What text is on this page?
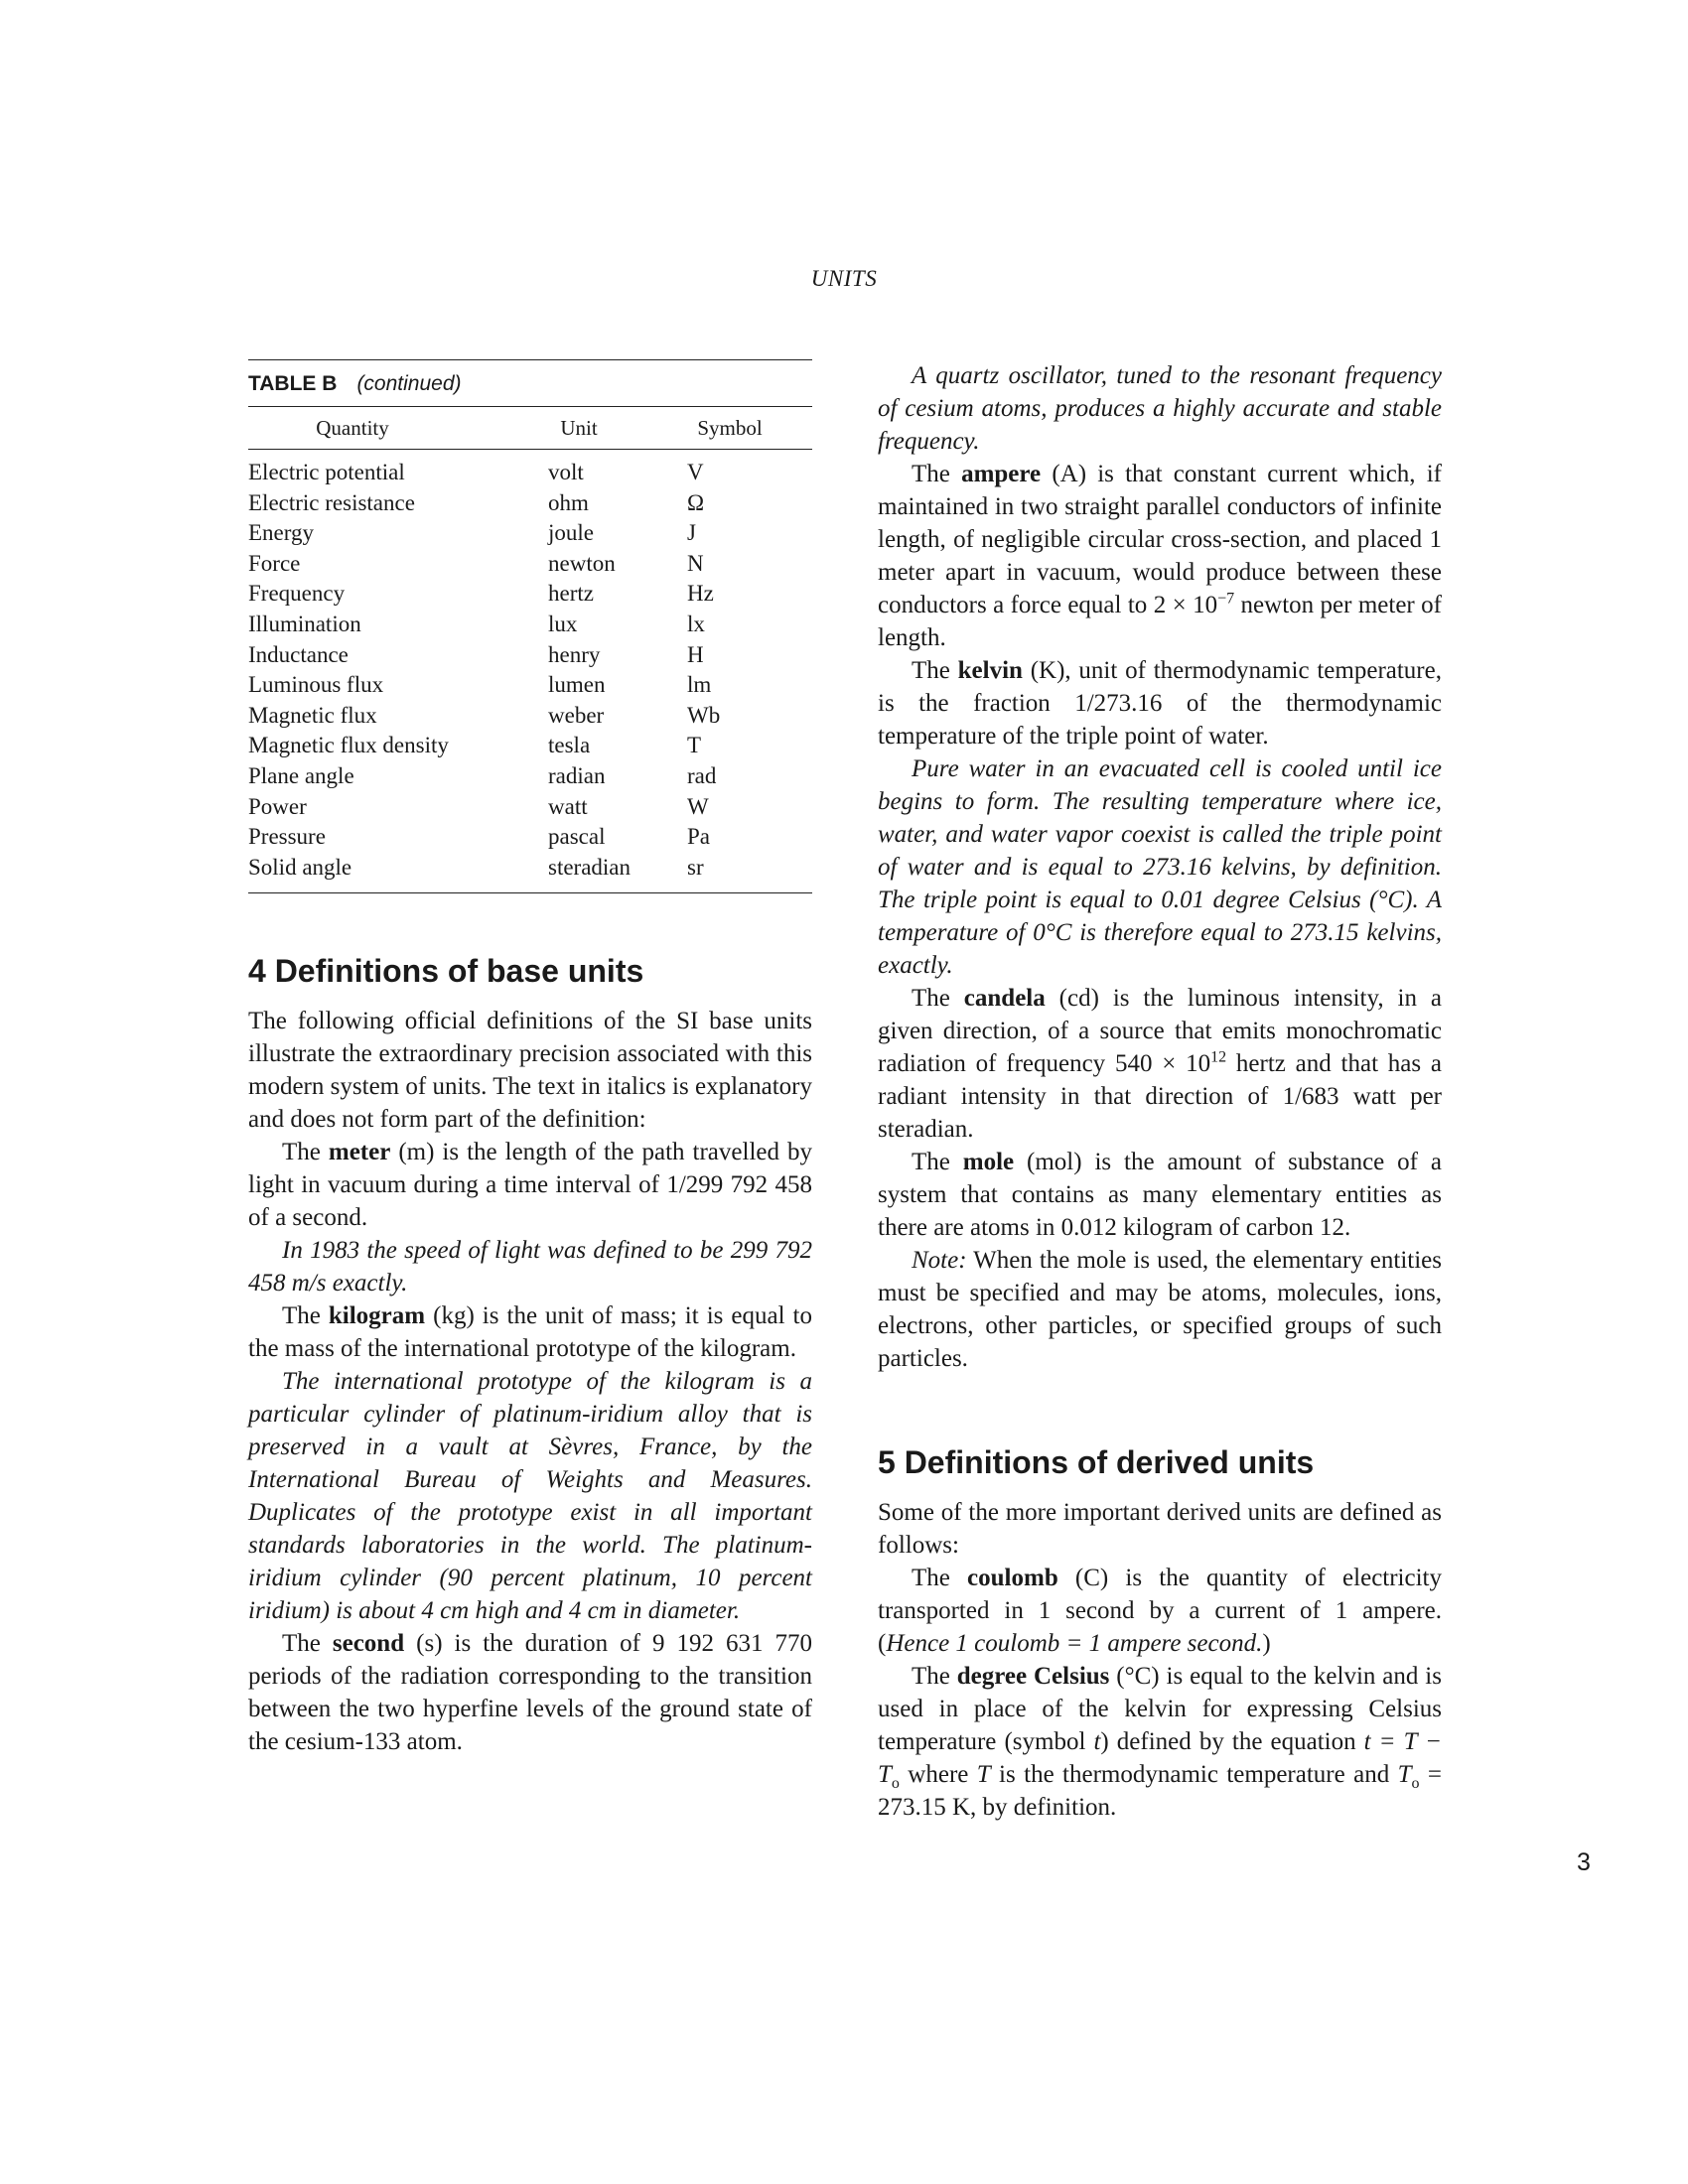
UNITS
TABLE B (continued)
Quantity	Unit	Symbol
Electric potential	volt	V
Electric resistance	ohm	Ω
Energy	joule	J
Force	newton	N
Frequency	hertz	Hz
Illumination	lux	lx
Inductance	henry	H
Luminous flux	lumen	lm
Magnetic flux	weber	Wb
Magnetic flux density	tesla	T
Plane angle	radian	rad
Power	watt	W
Pressure	pascal	Pa
Solid angle	steradian	sr
4 Definitions of base units

The following official definitions of the SI base units illustrate the extraordinary precision associated with this modern system of units. The text in italics is explanatory and does not form part of the definition:

The meter (m) is the length of the path travelled by light in vacuum during a time interval of 1/299 792 458 of a second.

In 1983 the speed of light was defined to be 299 792 458 m/s exactly.

The kilogram (kg) is the unit of mass; it is equal to the mass of the international prototype of the kilogram.

The international prototype of the kilogram is a particular cylinder of platinum-iridium alloy that is preserved in a vault at Sèvres, France, by the International Bureau of Weights and Measures. Duplicates of the prototype exist in all important standards laboratories in the world. The platinum-iridium cylinder (90 percent platinum, 10 percent iridium) is about 4 cm high and 4 cm in diameter.

The second (s) is the duration of 9 192 631 770 periods of the radiation corresponding to the transition between the two hyperfine levels of the ground state of the cesium-133 atom.

A quartz oscillator, tuned to the resonant frequency of cesium atoms, produces a highly accurate and stable frequency.

The ampere (A) is that constant current which, if maintained in two straight parallel conductors of infinite length, of negligible circular cross-section, and placed 1 meter apart in vacuum, would produce between these conductors a force equal to $2 \times 10^{-7}$ newton per meter of length.

The kelvin (K), unit of thermodynamic temperature, is the fraction 1/273.16 of the thermodynamic temperature of the triple point of water.

Pure water in an evacuated cell is cooled until ice begins to form. The resulting temperature where ice, water, and water vapor coexist is called the triple point of water and is equal to 273.16 kelvins, by definition. The triple point is equal to 0.01 degree Celsius (°C). A temperature of 0°C is therefore equal to 273.15 kelvins, exactly.

The candela (cd) is the luminous intensity, in a given direction, of a source that emits monochromatic radiation of frequency $540 \times 10^{12}$ hertz and that has a radiant intensity in that direction of 1/683 watt per steradian.

The mole (mol) is the amount of substance of a system that contains as many elementary entities as there are atoms in 0.012 kilogram of carbon 12.

Note: When the mole is used, the elementary entities must be specified and may be atoms, molecules, ions, electrons, other particles, or specified groups of such particles.

5 Definitions of derived units

Some of the more important derived units are defined as follows:

The coulomb (C) is the quantity of electricity transported in 1 second by a current of 1 ampere. (Hence 1 coulomb = 1 ampere second.)

The degree Celsius (°C) is equal to the kelvin and is used in place of the kelvin for expressing Celsius temperature (symbol t) defined by the equation $t = T - T_o$ where T is the thermodynamic temperature and $T_o = 273.15$ K, by definition.

3
